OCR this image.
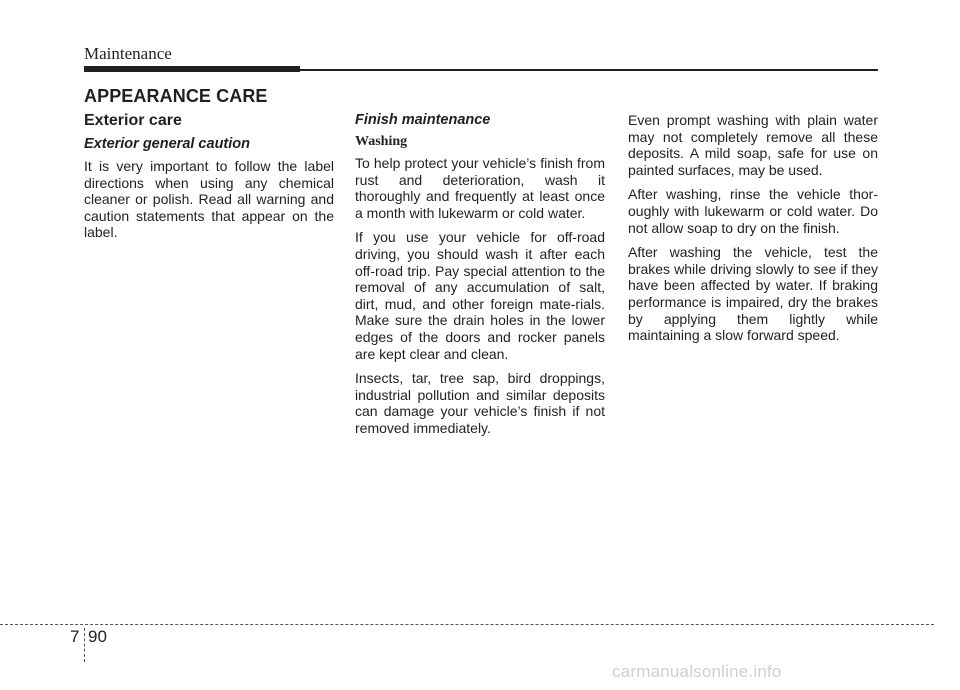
Maintenance
APPEARANCE CARE
Exterior care
Exterior general caution

It is very important to follow the label directions when using any chemical cleaner or polish. Read all warning and caution statements that appear on the label.

Finish maintenance
Washing

To help protect your vehicle’s finish from rust and deterioration, wash it thoroughly and frequently at least once a month with lukewarm or cold water.

If you use your vehicle for off-road driving, you should wash it after each off-road trip. Pay special attention to the removal of any accumulation of salt, dirt, mud, and other foreign mate-rials. Make sure the drain holes in the lower edges of the doors and rocker panels are kept clear and clean.

Insects, tar, tree sap, bird droppings, industrial pollution and similar deposits can damage your vehicle’s finish if not removed immediately.

Even prompt washing with plain water may not completely remove all these deposits. A mild soap, safe for use on painted surfaces, may be used.

After washing, rinse the vehicle thor-oughly with lukewarm or cold water. Do not allow soap to dry on the finish.

After washing the vehicle, test the brakes while driving slowly to see if they have been affected by water. If braking performance is impaired, dry the brakes by applying them lightly while maintaining a slow forward speed.

7 90
carmanualsonline.info
